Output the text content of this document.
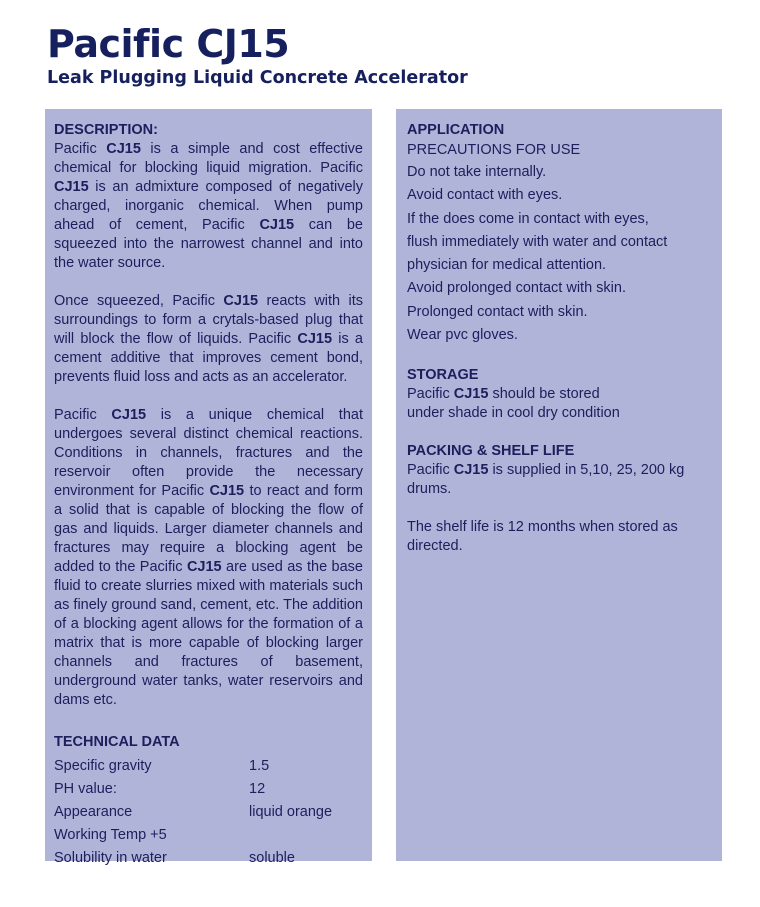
Pacific CJ15
Leak Plugging Liquid Concrete Accelerator

DESCRIPTION:

Pacific CJ15 is a simple and cost effective chemical for blocking liquid migration. Pacific CJ15 is an admixture composed of negatively charged, inorganic chemical. When pump ahead of cement, Pacific CJ15 can be squeezed into the narrowest channel and into the water source.

Once squeezed, Pacific CJ15 reacts with its surroundings to form a crytals-based plug that will block the flow of liquids. Pacific CJ15 is a cement additive that improves cement bond, prevents fluid loss and acts as an accelerator.

Pacific CJ15 is a unique chemical that undergoes several distinct chemical reactions. Conditions in channels, fractures and the reservoir often provide the necessary environment for Pacific CJ15 to react and form a solid that is capable of blocking the flow of gas and liquids. Larger diameter channels and fractures may require a blocking agent be added to the Pacific CJ15 are used as the base fluid to create slurries mixed with materials such as finely ground sand, cement, etc. The addition of a blocking agent allows for the formation of a matrix that is more capable of blocking larger channels and fractures of basement, underground water tanks, water reservoirs and dams etc.

TECHNICAL DATA

Specific gravity	1.5
PH value:	12
Appearance	liquid orange
Working Temp +5
Solubility in water	soluble

APPLICATION

PRECAUTIONS FOR USE

Do not take internally.
Avoid contact with eyes.
If the does come in contact with eyes,
flush immediately with water and contact
physician for medical attention.
Avoid prolonged contact with skin.
Prolonged contact with skin.
Wear pvc gloves.

STORAGE

Pacific CJ15 should be stored

under shade in cool dry condition

PACKING & SHELF LIFE

Pacific CJ15 is supplied in 5,10, 25, 200 kg drums.

The shelf life is 12 months when stored as directed.
